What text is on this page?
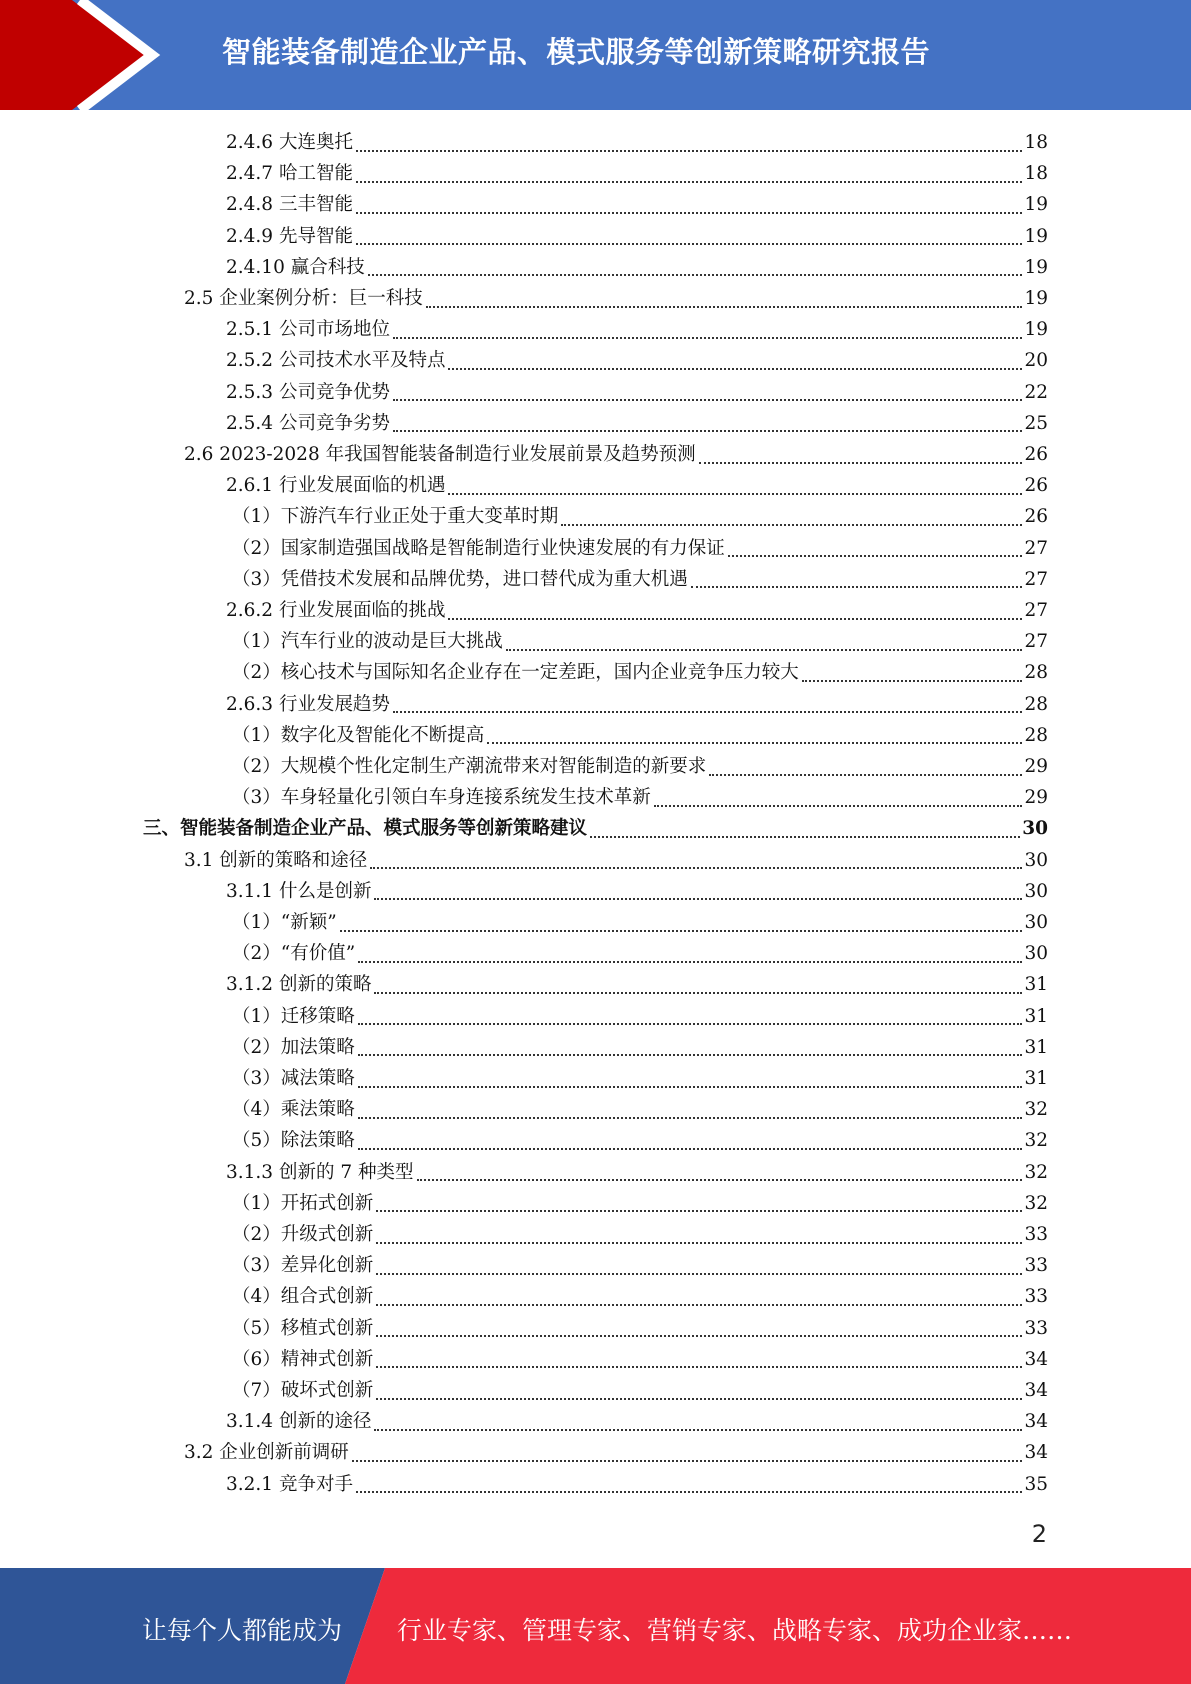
智能装备制造企业产品、模式服务等创新策略研究报告
2.4.6 大连奥托	18
2.4.7 哈工智能	18
2.4.8 三丰智能	19
2.4.9 先导智能	19
2.4.10 赢合科技	19
2.5 企业案例分析：巨一科技	19
2.5.1 公司市场地位	19
2.5.2 公司技术水平及特点	20
2.5.3 公司竞争优势	22
2.5.4 公司竞争劣势	25
2.6 2023-2028 年我国智能装备制造行业发展前景及趋势预测	26
2.6.1 行业发展面临的机遇	26
（1）下游汽车行业正处于重大变革时期	26
（2）国家制造强国战略是智能制造行业快速发展的有力保证	27
（3）凭借技术发展和品牌优势，进口替代成为重大机遇	27
2.6.2 行业发展面临的挑战	27
（1）汽车行业的波动是巨大挑战	27
（2）核心技术与国际知名企业存在一定差距，国内企业竞争压力较大	28
2.6.3 行业发展趋势	28
（1）数字化及智能化不断提高	28
（2）大规模个性化定制生产潮流带来对智能制造的新要求	29
（3）车身轻量化引领白车身连接系统发生技术革新	29
三、智能装备制造企业产品、模式服务等创新策略建议	30
3.1 创新的策略和途径	30
3.1.1 什么是创新	30
（1）“新颖”	30
（2）“有价值”	30
3.1.2 创新的策略	31
（1）迁移策略	31
（2）加法策略	31
（3）减法策略	31
（4）乘法策略	32
（5）除法策略	32
3.1.3 创新的 7 种类型	32
（1）开拓式创新	32
（2）升级式创新	33
（3）差异化创新	33
（4）组合式创新	33
（5）移植式创新	33
（6）精神式创新	34
（7）破坏式创新	34
3.1.4 创新的途径	34
3.2 企业创新前调研	34
3.2.1 竞争对手	35
2
让每个人都能成为 行业专家、管理专家、营销专家、战略专家、成功企业家……
